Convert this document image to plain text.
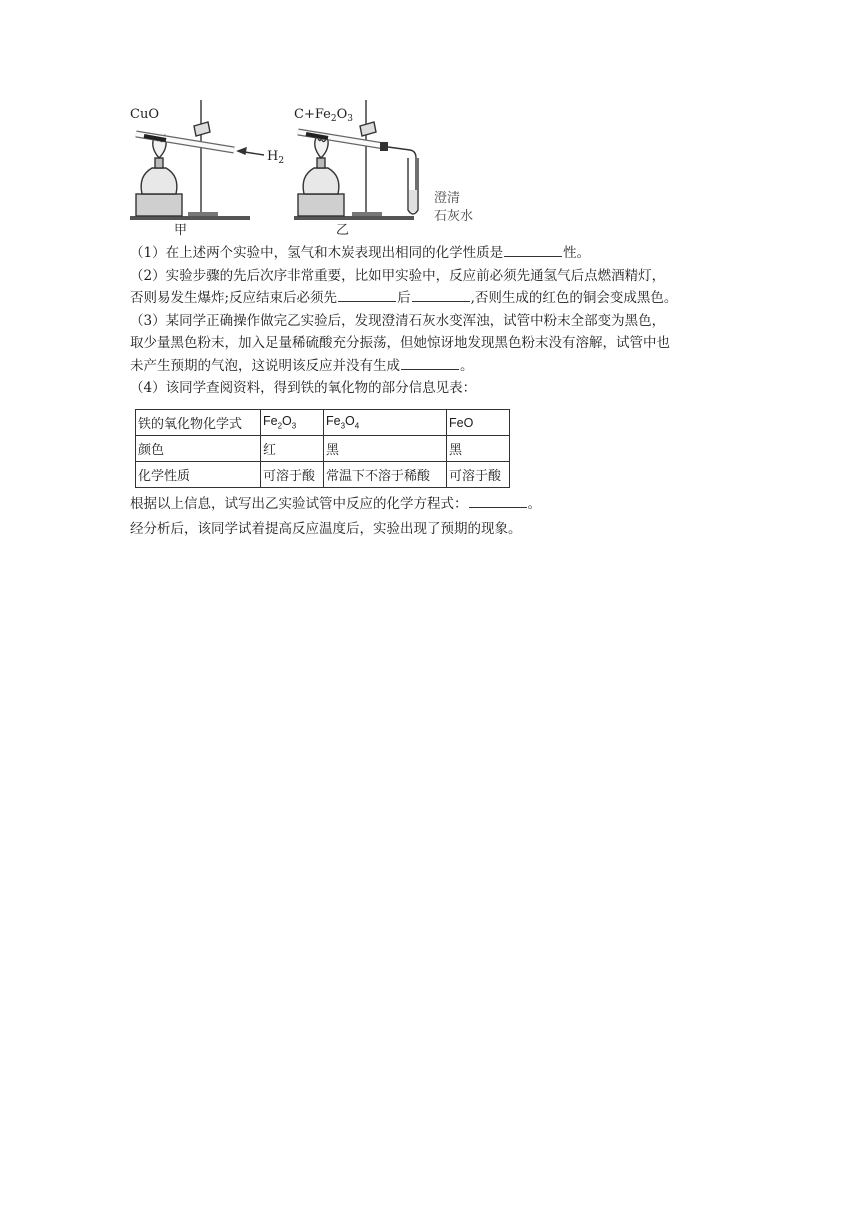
CuO
$H_2$
甲
$C+Fe_2O_3$
乙
澄清
石灰水
（1）在上述两个实验中，氢气和木炭表现出相同的化学性质是	性。
（2）实验步骤的先后次序非常重要，比如甲实验中，反应前必须先通氢气后点燃酒精灯，
否则易发生爆炸;反应结束后必须先	后	,否则生成的红色的铜会变成黑色。
（3）某同学正确操作做完乙实验后，发现澄清石灰水变浑浊，试管中粉末全部变为黑色，
取少量黑色粉末，加入足量稀硫酸充分振荡，但她惊讶地发现黑色粉末没有溶解，试管中也
未产生预期的气泡，这说明该反应并没有生成	。
（4）该同学查阅资料，得到铁的氧化物的部分信息见表：
铁的氧化物化学式	$Fe_2O_3$	$Fe_3O_4$	FeO
颜色	红	黑	黑
化学性质	可溶于酸	常温下不溶于稀酸	可溶于酸
根据以上信息，试写出乙实验试管中反应的化学方程式：	。
经分析后，该同学试着提高反应温度后，实验出现了预期的现象。
